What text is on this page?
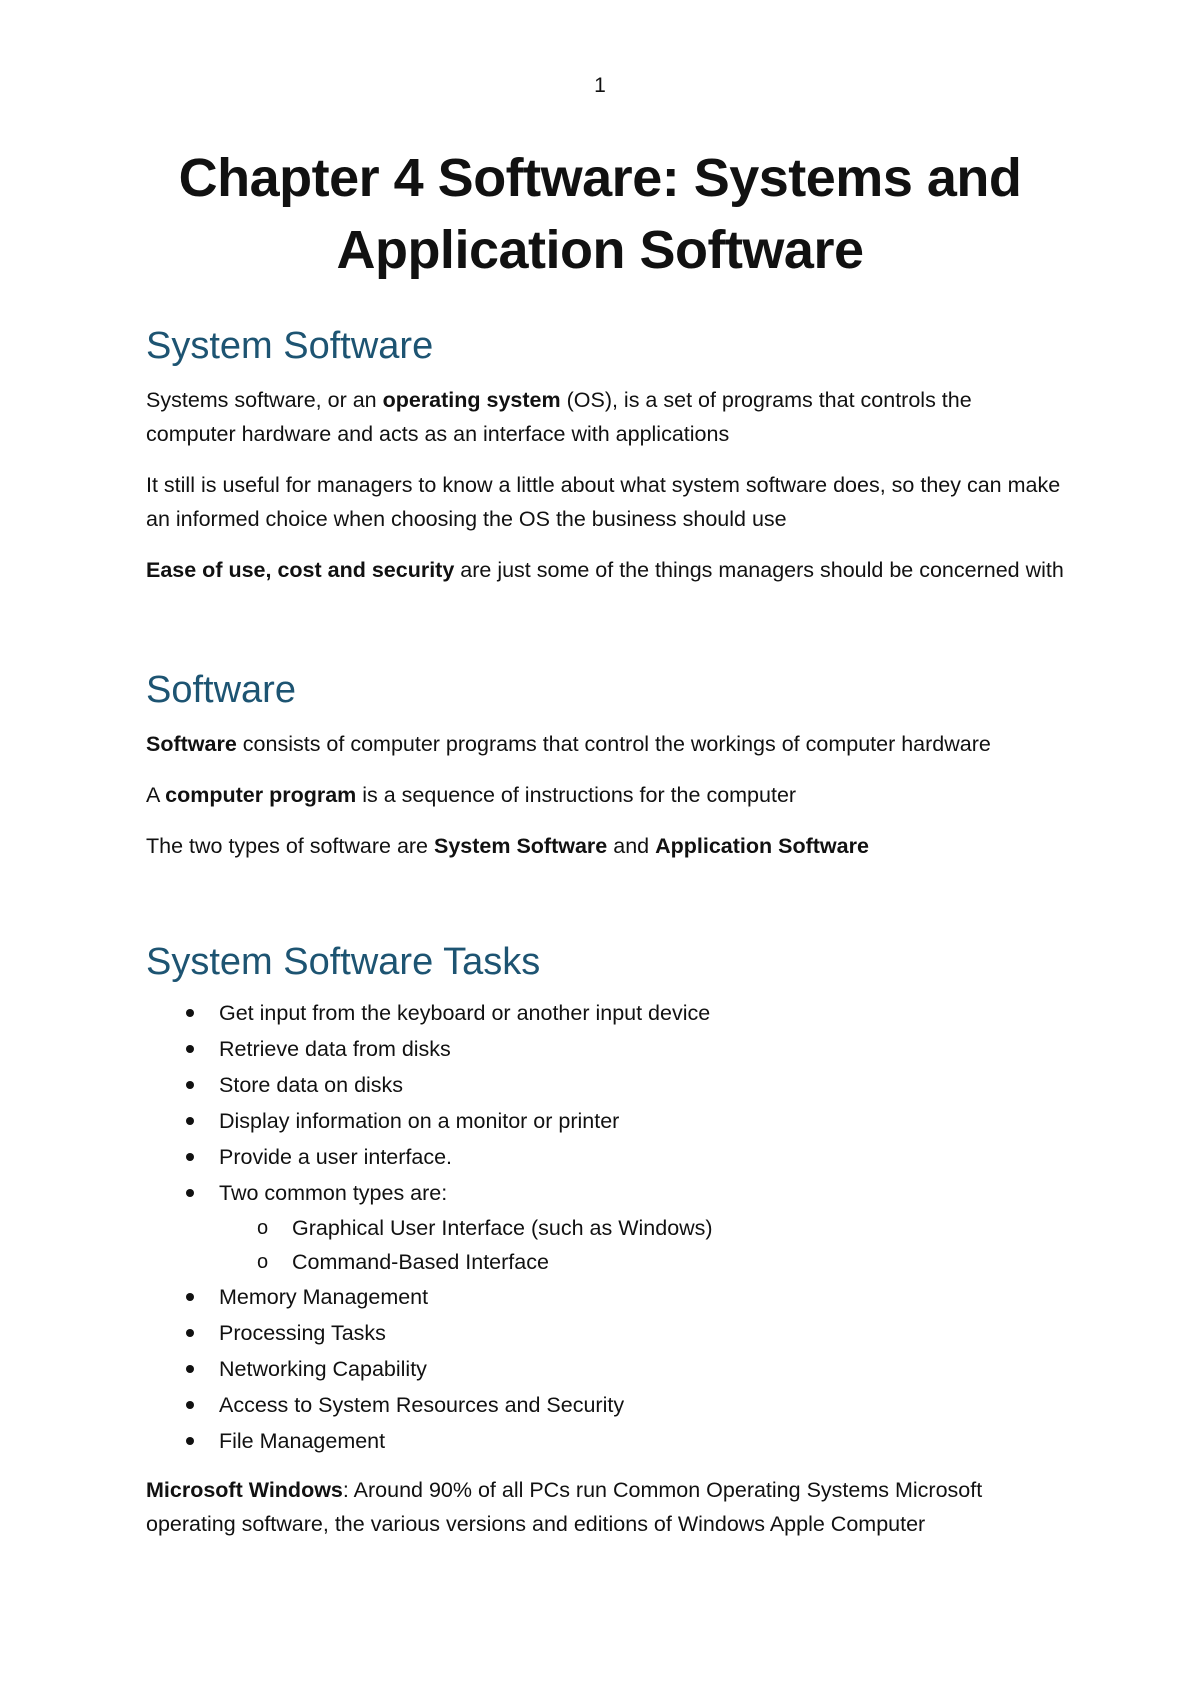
1
Chapter 4 Software: Systems and
Application Software
System Software

Systems software, or an operating system (OS), is a set of programs that controls the computer hardware and acts as an interface with applications

It still is useful for managers to know a little about what system software does, so they can make an informed choice when choosing the OS the business should use

Ease of use, cost and security are just some of the things managers should be concerned with

Software

Software consists of computer programs that control the workings of computer hardware

A computer program is a sequence of instructions for the computer

The two types of software are System Software and Application Software

System Software Tasks
Get input from the keyboard or another input device
Retrieve data from disks
Store data on disks
Display information on a monitor or printer
Provide a user interface.
Two common types are:
o Graphical User Interface (such as Windows)
o Command-Based Interface
Memory Management
Processing Tasks
Networking Capability
Access to System Resources and Security
File Management

Microsoft Windows: Around 90% of all PCs run Common Operating Systems Microsoft operating software, the various versions and editions of Windows Apple Computer
